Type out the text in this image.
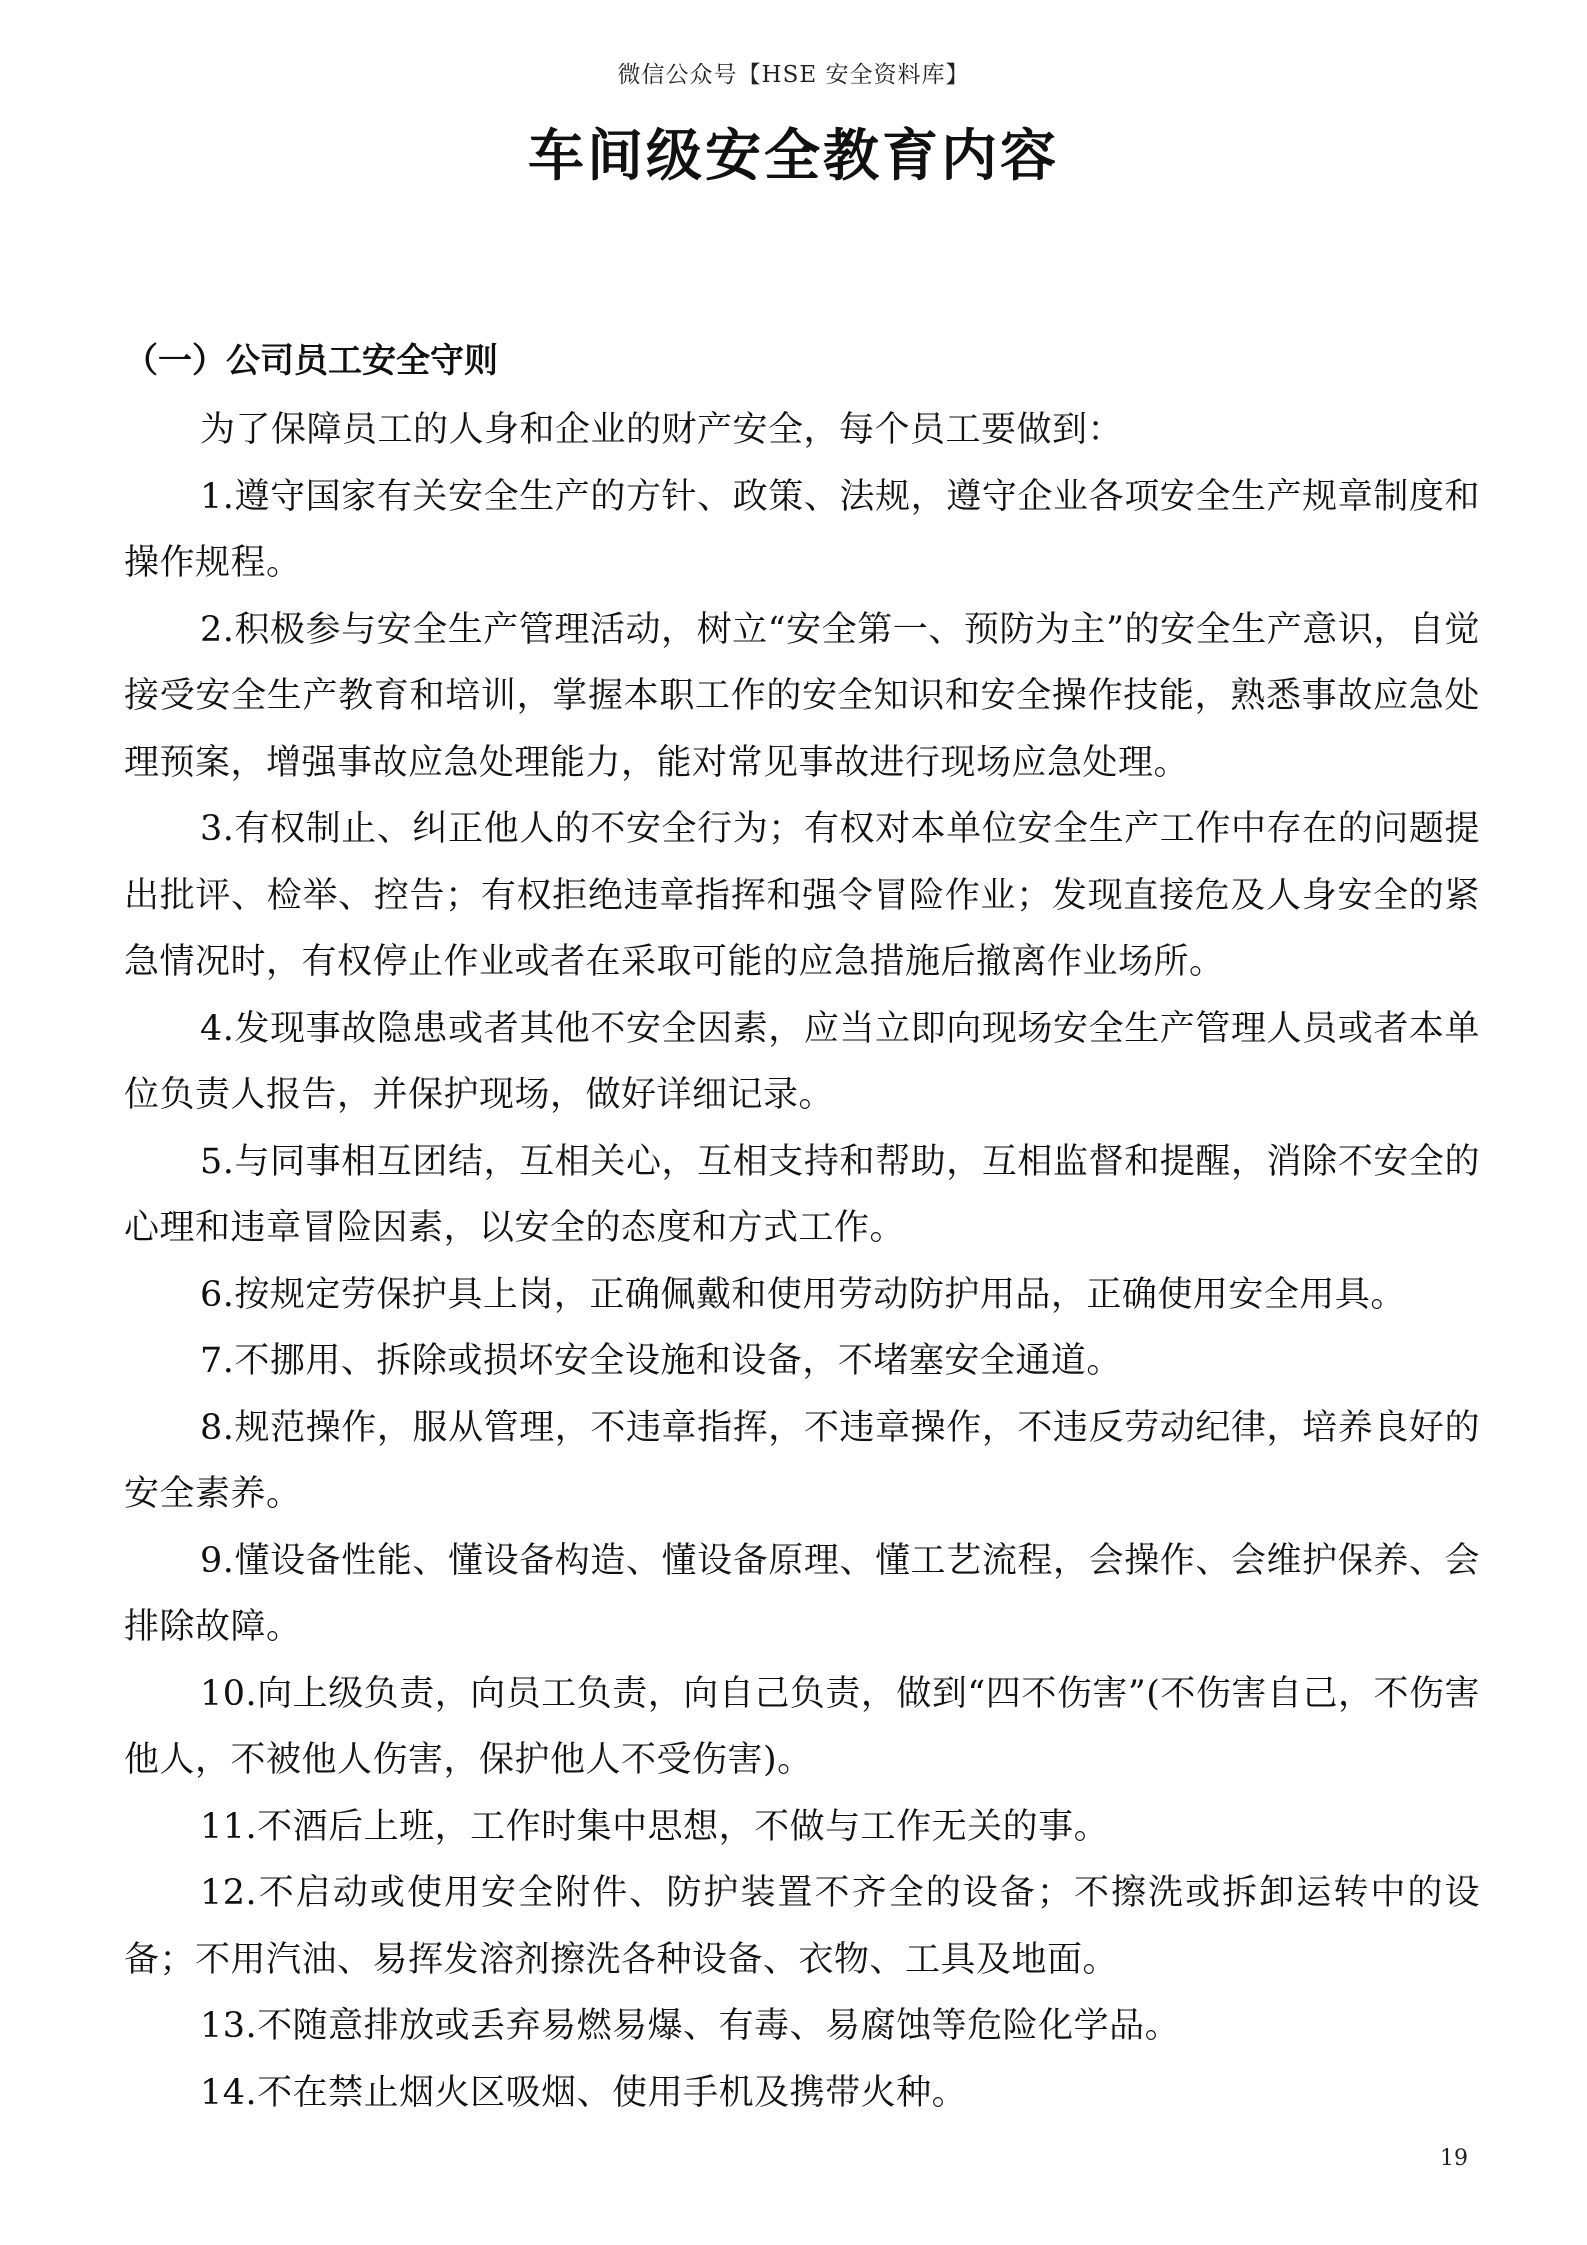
微信公众号【HSE 安全资料库】
车间级安全教育内容
（一）公司员工安全守则

为了保障员工的人身和企业的财产安全，每个员工要做到：

1.遵守国家有关安全生产的方针、政策、法规，遵守企业各项安全生产规章制度和操作规程。

2.积极参与安全生产管理活动，树立“安全第一、预防为主”的安全生产意识，自觉接受安全生产教育和培训，掌握本职工作的安全知识和安全操作技能，熟悉事故应急处理预案，增强事故应急处理能力，能对常见事故进行现场应急处理。

3.有权制止、纠正他人的不安全行为；有权对本单位安全生产工作中存在的问题提出批评、检举、控告；有权拒绝违章指挥和强令冒险作业；发现直接危及人身安全的紧急情况时，有权停止作业或者在采取可能的应急措施后撤离作业场所。

4.发现事故隐患或者其他不安全因素，应当立即向现场安全生产管理人员或者本单位负责人报告，并保护现场，做好详细记录。

5.与同事相互团结，互相关心，互相支持和帮助，互相监督和提醒，消除不安全的心理和违章冒险因素，以安全的态度和方式工作。

6.按规定劳保护具上岗，正确佩戴和使用劳动防护用品，正确使用安全用具。

7.不挪用、拆除或损坏安全设施和设备，不堵塞安全通道。

8.规范操作，服从管理，不违章指挥，不违章操作，不违反劳动纪律，培养良好的安全素养。

9.懂设备性能、懂设备构造、懂设备原理、懂工艺流程，会操作、会维护保养、会排除故障。

10.向上级负责，向员工负责，向自己负责，做到“四不伤害”(不伤害自己，不伤害他人，不被他人伤害，保护他人不受伤害)。

11.不酒后上班，工作时集中思想，不做与工作无关的事。

12.不启动或使用安全附件、防护装置不齐全的设备；不擦洗或拆卸运转中的设备；不用汽油、易挥发溶剂擦洗各种设备、衣物、工具及地面。

13.不随意排放或丢弃易燃易爆、有毒、易腐蚀等危险化学品。

14.不在禁止烟火区吸烟、使用手机及携带火种。

19
